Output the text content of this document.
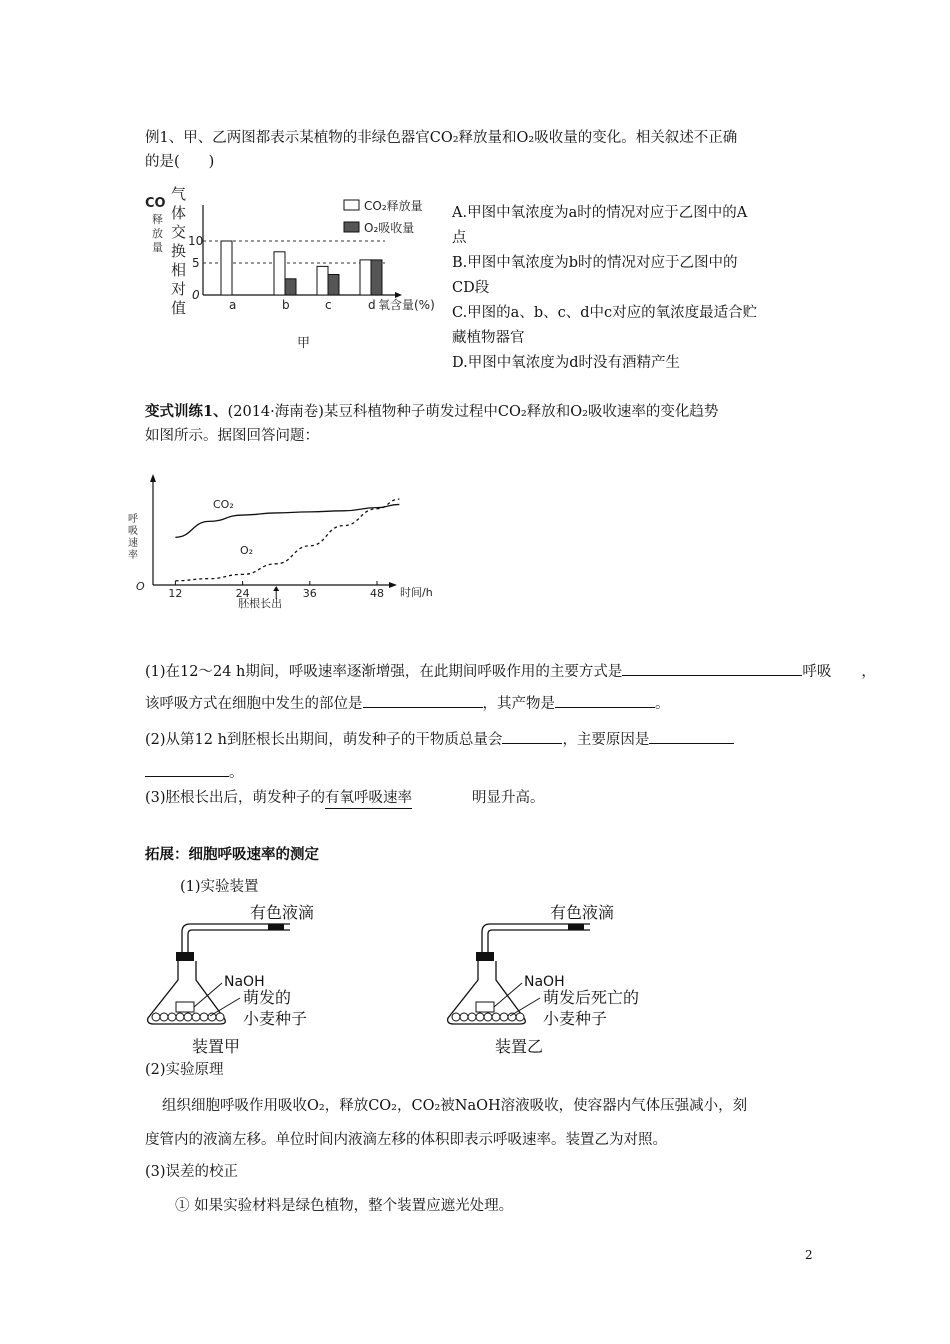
例1、甲、乙两图都表示某植物的非绿色器官CO₂释放量和O₂吸收量的变化。相关叙述不正确
的是(　　)
CO
释
放
量
气
体
交
换
相
对
值	a	b	c	d
10
5
0
氧含量(%)
CO₂释放量
O₂吸收量
甲
A.甲图中氧浓度为a时的情况对应于乙图中的A
点
B.甲图中氧浓度为b时的情况对应于乙图中的
CD段
C.甲图的a、b、c、d中c对应的氧浓度最适合贮
藏植物器官
D.甲图中氧浓度为d时没有酒精产生
变式训练1、(2014·海南卷)某豆科植物种子萌发过程中CO₂释放和O₂吸收速率的变化趋势
如图所示。据图回答问题：
呼
吸
速
率
O
12	24	36	48
CO₂
O₂
时间/h
胚根长出
(1)在12～24 h期间，呼吸速率逐渐增强，在此期间呼吸作用的主要方式是	呼吸 ，
该呼吸方式在细胞中发生的部位是	，其产物是	。
(2)从第12 h到胚根长出期间，萌发种子的干物质总量会	，主要原因是
。
(3)胚根长出后，萌发种子的有氧呼吸速率	明显升高。
拓展：细胞呼吸速率的测定
(1)实验装置
有色液滴
NaOH
萌发的
小麦种子
装置甲
有色液滴
NaOH
萌发后死亡的
小麦种子
装置乙
(2)实验原理
组织细胞呼吸作用吸收O₂，释放CO₂，CO₂被NaOH溶液吸收，使容器内气体压强减小，刻
度管内的液滴左移。单位时间内液滴左移的体积即表示呼吸速率。装置乙为对照。
(3)误差的校正
① 如果实验材料是绿色植物，整个装置应遮光处理。
2
